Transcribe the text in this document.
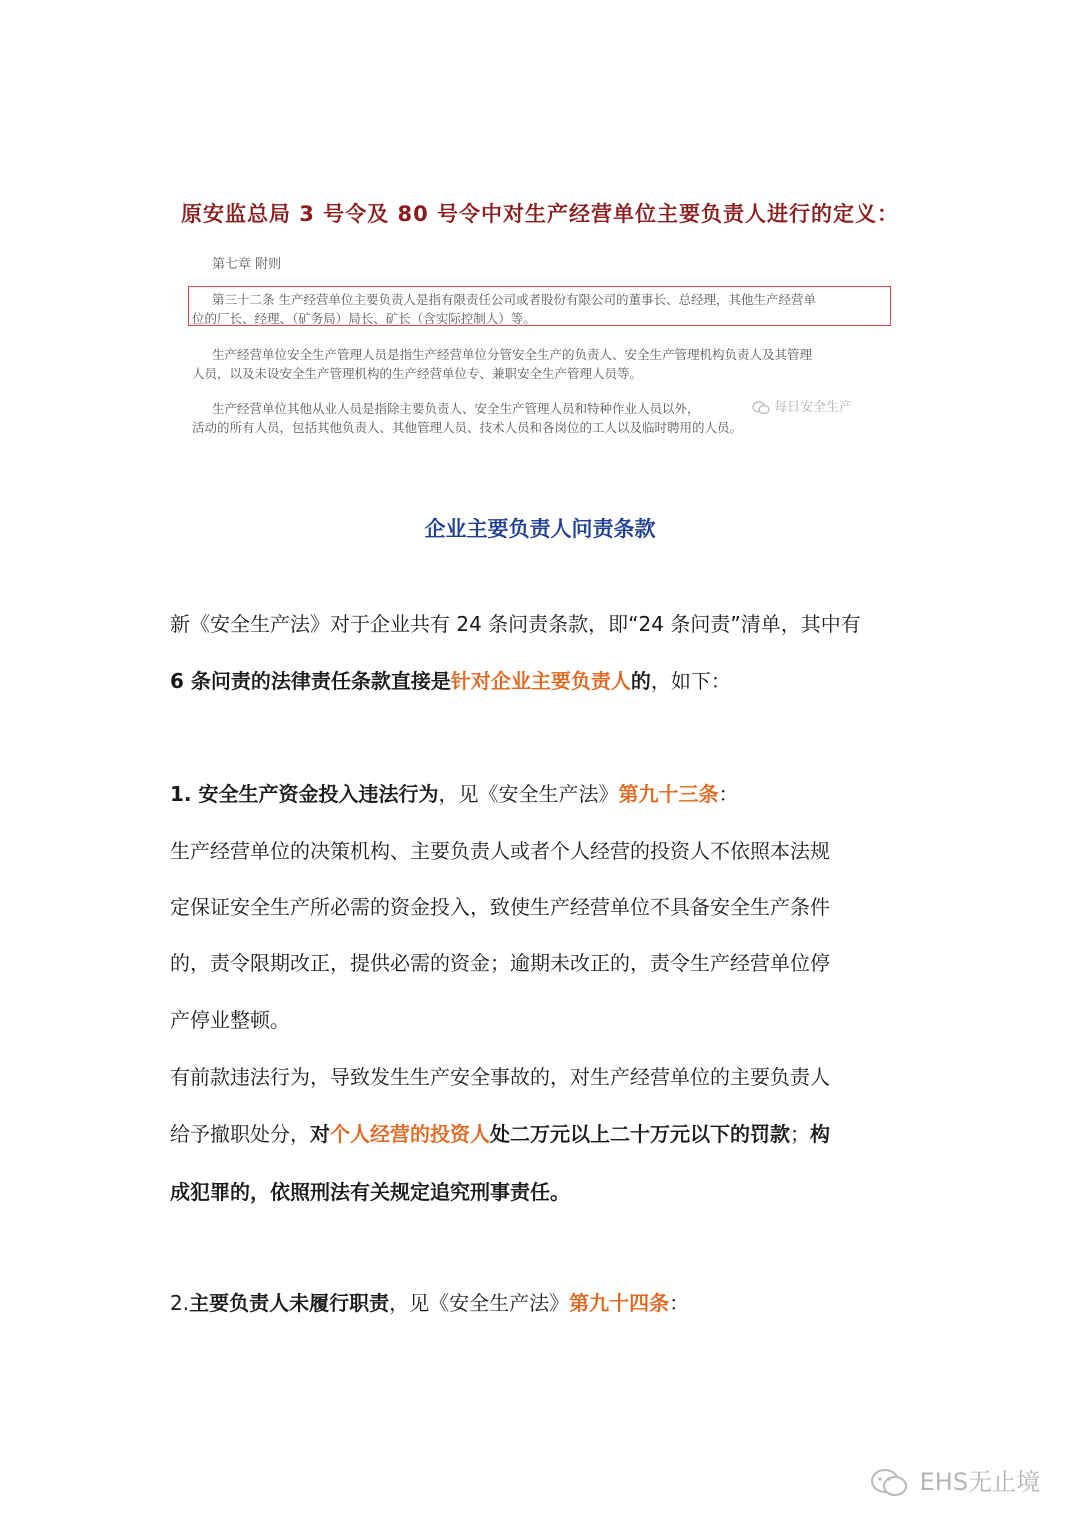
原安监总局 3 号令及 80 号令中对生产经营单位主要负责人进行的定义：
第七章 附则
第三十二条 生产经营单位主要负责人是指有限责任公司或者股份有限公司的董事长、总经理，其他生产经营单
位的厂长、经理、（矿务局）局长、矿长（含实际控制人）等。
生产经营单位安全生产管理人员是指生产经营单位分管安全生产的负责人、安全生产管理机构负责人及其管理
人员，以及未设安全生产管理机构的生产经营单位专、兼职安全生产管理人员等。
生产经营单位其他从业人员是指除主要负责人、安全生产管理人员和特种作业人员以外，
活动的所有人员，包括其他负责人、其他管理人员、技术人员和各岗位的工人以及临时聘用的人员。
每日安全生产
企业主要负责人问责条款
新《安全生产法》对于企业共有 24 条问责条款，即“24 条问责”清单，其中有
6 条问责的法律责任条款直接是针对企业主要负责人的，如下：
1. 安全生产资金投入违法行为，见《安全生产法》第九十三条：
生产经营单位的决策机构、主要负责人或者个人经营的投资人不依照本法规
定保证安全生产所必需的资金投入，致使生产经营单位不具备安全生产条件
的，责令限期改正，提供必需的资金；逾期未改正的，责令生产经营单位停
产停业整顿。
有前款违法行为，导致发生生产安全事故的，对生产经营单位的主要负责人
给予撤职处分，对个人经营的投资人处二万元以上二十万元以下的罚款；构
成犯罪的，依照刑法有关规定追究刑事责任。
2.主要负责人未履行职责，见《安全生产法》第九十四条：
EHS无止境
